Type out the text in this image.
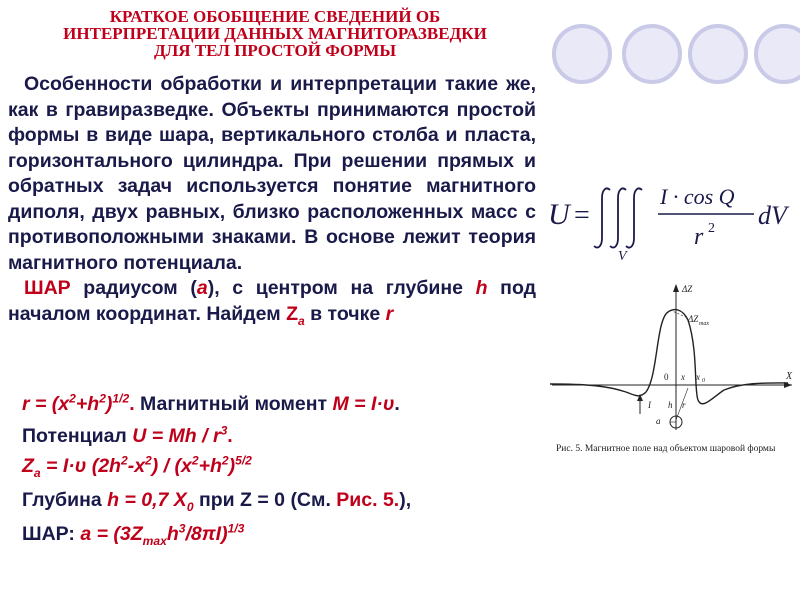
КРАТКОЕ ОБОБЩЕНИЕ СВЕДЕНИЙ ОБ
ИНТЕРПРЕТАЦИИ ДАННЫХ МАГНИТОРАЗВЕДКИ
ДЛЯ ТЕЛ ПРОСТОЙ ФОРМЫ

Особенности обработки и интерпретации такие же, как в гравиразведке. Объекты принимаются простой формы в виде шара, вертикального столба и пласта, горизонтального цилиндра. При решении прямых и обратных задач используется понятие магнитного диполя, двух равных, близко расположенных масс с противоположными знаками. В основе лежит теория магнитного потенциала.

ШАР радиусом (a), с центром на глубине h под началом координат. Найдем $Z_a$ в точке r

$r = (x^2+h^2)^{1/2}$. Магнитный момент M = I·υ.
Потенциал $U = Mh / r^3$.
$Z_a = I\cdot\upsilon$ $(2h^2-x^2) / (x^2+h^2)^{5/2}$
Глубина h = 0,7 $X_0$ при Z = 0 (См. Рис. 5.),
ШАР: $a = (3Z_{max}h^3/8\pi I)^{1/3}$
U =
V
I · cos Q
r 2 dV
ΔZ
ΔZ max
0 x x 0	X
I h r
a
Рис. 5. Магнитное поле над объектом шаровой формы
